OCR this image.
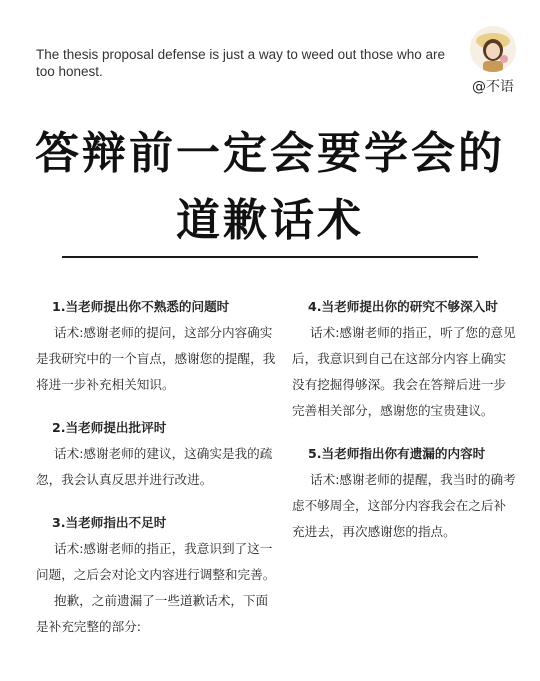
The thesis proposal defense is just a way to weed out those who are too honest.
@不语
答辩前一定会要学会的
道歉话术
1.当老师提出你不熟悉的问题时
话术:感谢老师的提问，这部分内容确实是我研究中的一个盲点，感谢您的提醒，我将进一步补充相关知识。
2.当老师提出批评时
话术:感谢老师的建议，这确实是我的疏忽，我会认真反思并进行改进。
3.当老师指出不足时
话术:感谢老师的指正，我意识到了这一问题，之后会对论文内容进行调整和完善。
抱歉，之前遗漏了一些道歉话术，下面是补充完整的部分:
4.当老师提出你的研究不够深入时
话术:感谢老师的指正，听了您的意见后，我意识到自己在这部分内容上确实没有挖掘得够深。我会在答辩后进一步完善相关部分，感谢您的宝贵建议。
5.当老师指出你有遗漏的内容时
话术:感谢老师的提醒，我当时的确考虑不够周全，这部分内容我会在之后补充进去，再次感谢您的指点。
